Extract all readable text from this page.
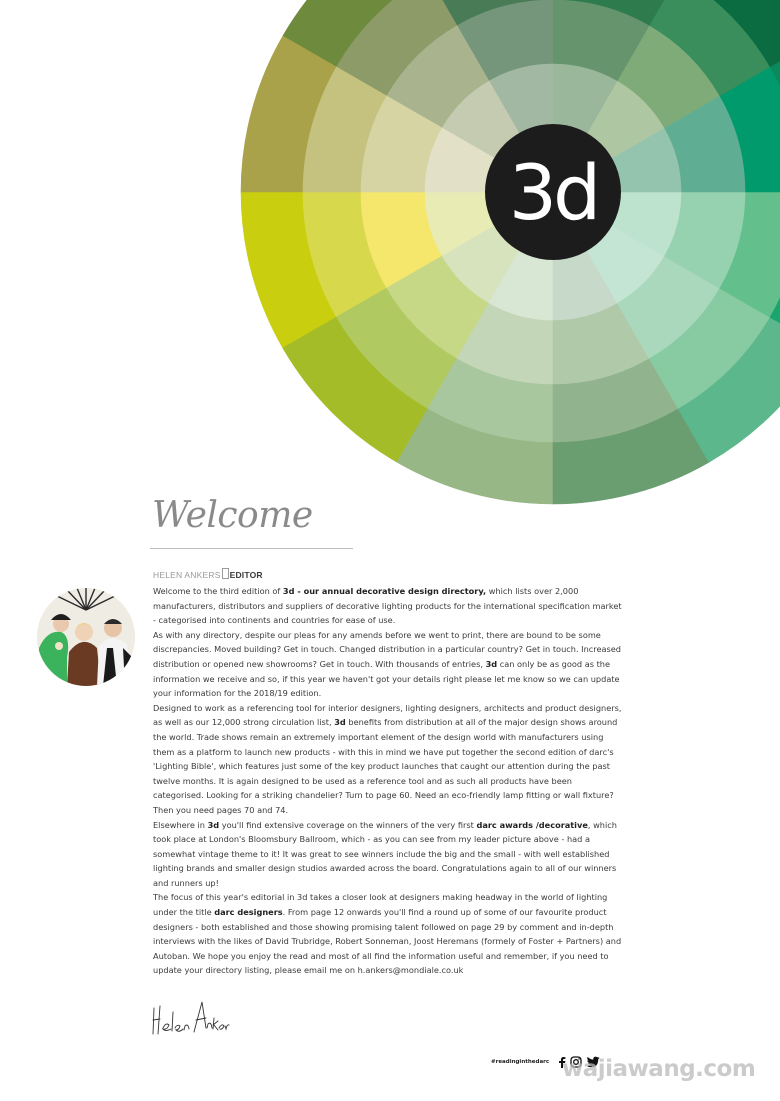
3d
Welcome
HELEN ANKERS EDITOR

Welcome to the third edition of 3d - our annual decorative design directory, which lists over 2,000 manufacturers, distributors and suppliers of decorative lighting products for the international specification market - categorised into continents and countries for ease of use.

As with any directory, despite our pleas for any amends before we went to print, there are bound to be some discrepancies. Moved building? Get in touch. Changed distribution in a particular country? Get in touch. Increased distribution or opened new showrooms? Get in touch. With thousands of entries, 3d can only be as good as the information we receive and so, if this year we haven't got your details right please let me know so we can update your information for the 2018/19 edition.

Designed to work as a referencing tool for interior designers, lighting designers, architects and product designers, as well as our 12,000 strong circulation list, 3d benefits from distribution at all of the major design shows around the world. Trade shows remain an extremely important element of the design world with manufacturers using them as a platform to launch new products - with this in mind we have put together the second edition of darc's 'Lighting Bible', which features just some of the key product launches that caught our attention during the past twelve months. It is again designed to be used as a reference tool and as such all products have been categorised. Looking for a striking chandelier? Turn to page 60. Need an eco-friendly lamp fitting or wall fixture? Then you need pages 70 and 74.

Elsewhere in 3d you'll find extensive coverage on the winners of the very first darc awards /decorative, which took place at London's Bloomsbury Ballroom, which - as you can see from my leader picture above - had a somewhat vintage theme to it! It was great to see winners include the big and the small - with well established lighting brands and smaller design studios awarded across the board. Congratulations again to all of our winners and runners up!

The focus of this year's editorial in 3d takes a closer look at designers making headway in the world of lighting under the title darc designers. From page 12 onwards you'll find a round up of some of our favourite product designers - both established and those showing promising talent followed on page 29 by comment and in-depth interviews with the likes of David Trubridge, Robert Sonneman, Joost Heremans (formely of Foster + Partners) and Autoban. We hope you enjoy the read and most of all find the information useful and remember, if you need to update your directory listing, please email me on h.ankers@mondiale.co.uk

#readinginthedarc wajiawang.com
